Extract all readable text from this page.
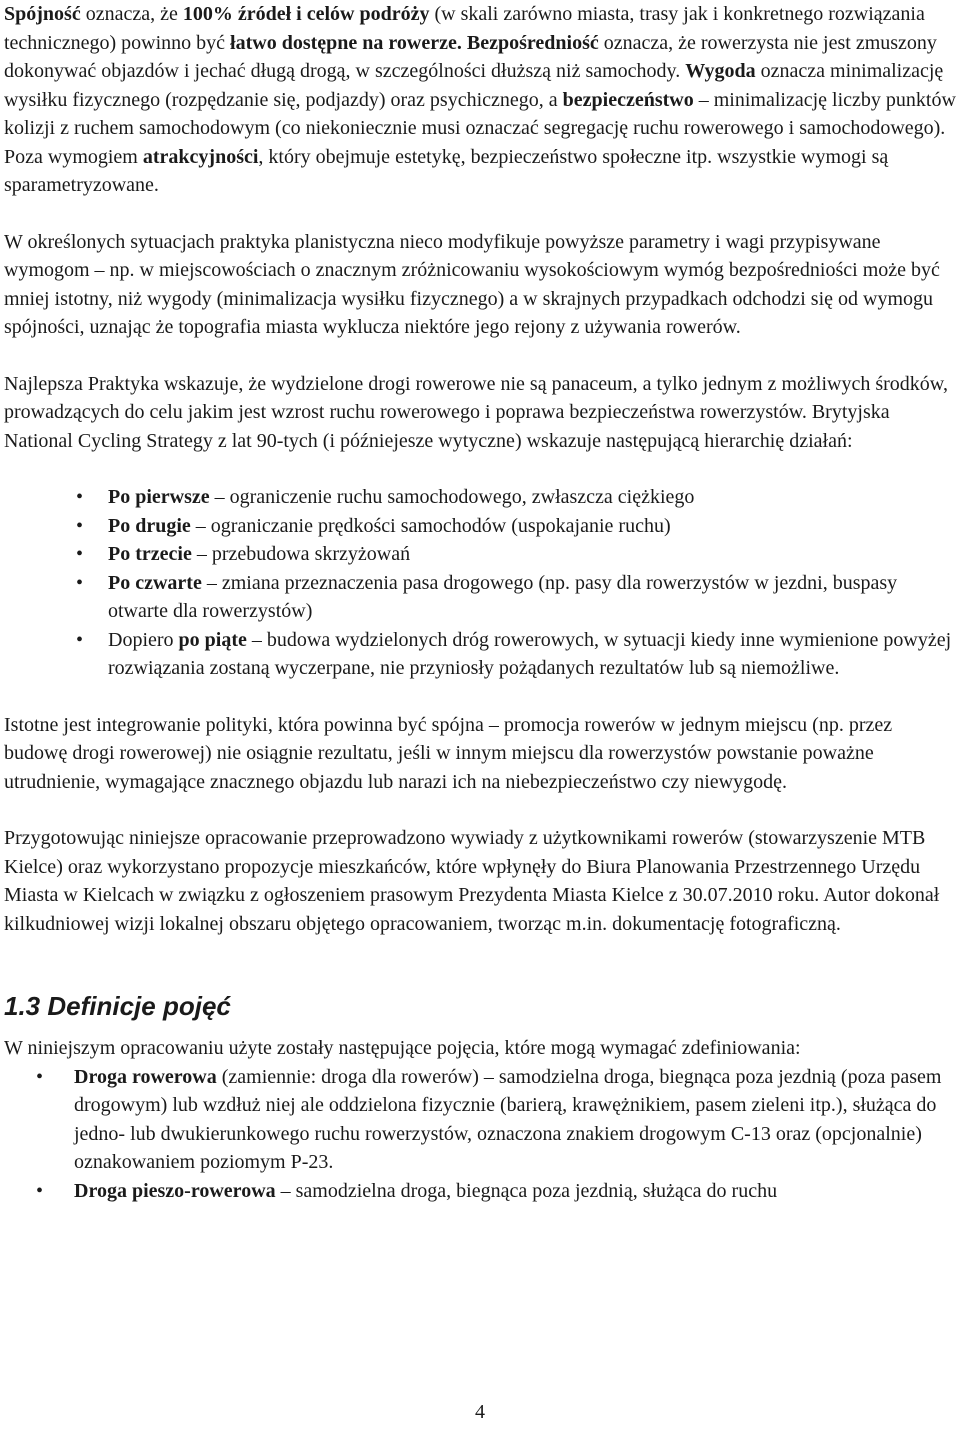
Spójność oznacza, że 100% źródeł i celów podróży (w skali zarówno miasta, trasy jak i konkretnego rozwiązania technicznego) powinno być łatwo dostępne na rowerze. Bezpośredniość oznacza, że rowerzysta nie jest zmuszony dokonywać objazdów i jechać długą drogą, w szczególności dłuższą niż samochody. Wygoda oznacza minimalizację wysiłku fizycznego (rozpędzanie się, podjazdy) oraz psychicznego, a bezpieczeństwo – minimalizację liczby punktów kolizji z ruchem samochodowym (co niekoniecznie musi oznaczać segregację ruchu rowerowego i samochodowego). Poza wymogiem atrakcyjności, który obejmuje estetykę, bezpieczeństwo społeczne itp. wszystkie wymogi są sparametryzowane.

W określonych sytuacjach praktyka planistyczna nieco modyfikuje powyższe parametry i wagi przypisywane wymogom – np. w miejscowościach o znacznym zróżnicowaniu wysokościowym wymóg bezpośredniości może być mniej istotny, niż wygody (minimalizacja wysiłku fizycznego) a w skrajnych przypadkach odchodzi się od wymogu spójności, uznając że topografia miasta wyklucza niektóre jego rejony z używania rowerów.

Najlepsza Praktyka wskazuje, że wydzielone drogi rowerowe nie są panaceum, a tylko jednym z możliwych środków, prowadzących do celu jakim jest wzrost ruchu rowerowego i poprawa bezpieczeństwa rowerzystów. Brytyjska National Cycling Strategy z lat 90-tych (i późniejesze wytyczne) wskazuje następującą hierarchię działań:

• Po pierwsze – ograniczenie ruchu samochodowego, zwłaszcza ciężkiego
• Po drugie – ograniczanie prędkości samochodów (uspokajanie ruchu)
• Po trzecie – przebudowa skrzyżowań
• Po czwarte – zmiana przeznaczenia pasa drogowego (np. pasy dla rowerzystów w jezdni, buspasy otwarte dla rowerzystów)
• Dopiero po piąte – budowa wydzielonych dróg rowerowych, w sytuacji kiedy inne wymienione powyżej rozwiązania zostaną wyczerpane, nie przyniosły pożądanych rezultatów lub są niemożliwe.

Istotne jest integrowanie polityki, która powinna być spójna – promocja rowerów w jednym miejscu (np. przez budowę drogi rowerowej) nie osiągnie rezultatu, jeśli w innym miejscu dla rowerzystów powstanie poważne utrudnienie, wymagające znacznego objazdu lub narazi ich na niebezpieczeństwo czy niewygodę.

Przygotowując niniejsze opracowanie przeprowadzono wywiady z użytkownikami rowerów (stowarzyszenie MTB Kielce) oraz wykorzystano propozycje mieszkańców, które wpłynęły do Biura Planowania Przestrzennego Urzędu Miasta w Kielcach w związku z ogłoszeniem prasowym Prezydenta Miasta Kielce z 30.07.2010 roku. Autor dokonał kilkudniowej wizji lokalnej obszaru objętego opracowaniem, tworząc m.in. dokumentację fotograficzną.

1.3 Definicje pojęć

W niniejszym opracowaniu użyte zostały następujące pojęcia, które mogą wymagać zdefiniowania:

• Droga rowerowa (zamiennie: droga dla rowerów) – samodzielna droga, biegnąca poza jezdnią (poza pasem drogowym) lub wzdłuż niej ale oddzielona fizycznie (barierą, krawężnikiem, pasem zieleni itp.), służąca do jedno- lub dwukierunkowego ruchu rowerzystów, oznaczona znakiem drogowym C-13 oraz (opcjonalnie) oznakowaniem poziomym P-23.
• Droga pieszo-rowerowa – samodzielna droga, biegnąca poza jezdnią, służąca do ruchu
4
